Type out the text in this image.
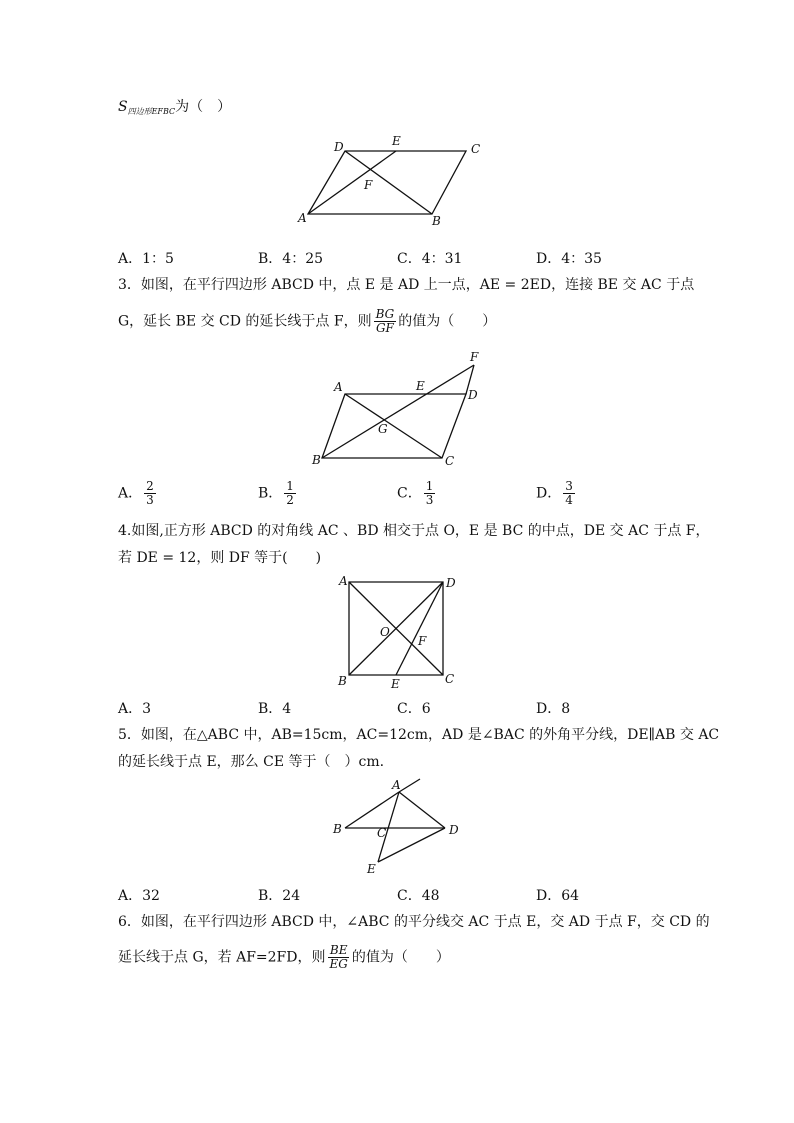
$S_{四边形EFBC}$为（　）
D	E
C
F
A	B
A．1：5	B．4：25	C．4：31	D．4：35
3．如图，在平行四边形 ABCD 中，点 E 是 AD 上一点，AE = 2ED，连接 BE 交 AC 于点
G，延长 BE 交 CD 的延长线于点 F，则 $\frac{BG}{GF}$ 的值为（　　）
F
A	E
D
G
B	C
A． $\frac{2}{3}$	B． $\frac{1}{2}$	C． $\frac{1}{3}$	D． $\frac{3}{4}$
4.如图,正方形 ABCD 的对角线 AC 、BD 相交于点 O，E 是 BC 的中点，DE 交 AC 于点 F，
若 DE = 12，则 DF 等于(　　)
A	D
O
F
B	E	C
A．3	B．4	C．6	D．8
5．如图，在△ABC 中，AB=15cm，AC=12cm，AD 是∠BAC 的外角平分线，DE∥AB 交 AC
的延长线于点 E，那么 CE 等于（　）cm.
A
B	C	D
E
A．32	B．24	C．48	D．64
6．如图，在平行四边形 ABCD 中，∠ABC 的平分线交 AC 于点 E，交 AD 于点 F，交 CD 的
延长线于点 G，若 AF=2FD，则 $\frac{BE}{EG}$ 的值为（　　）
